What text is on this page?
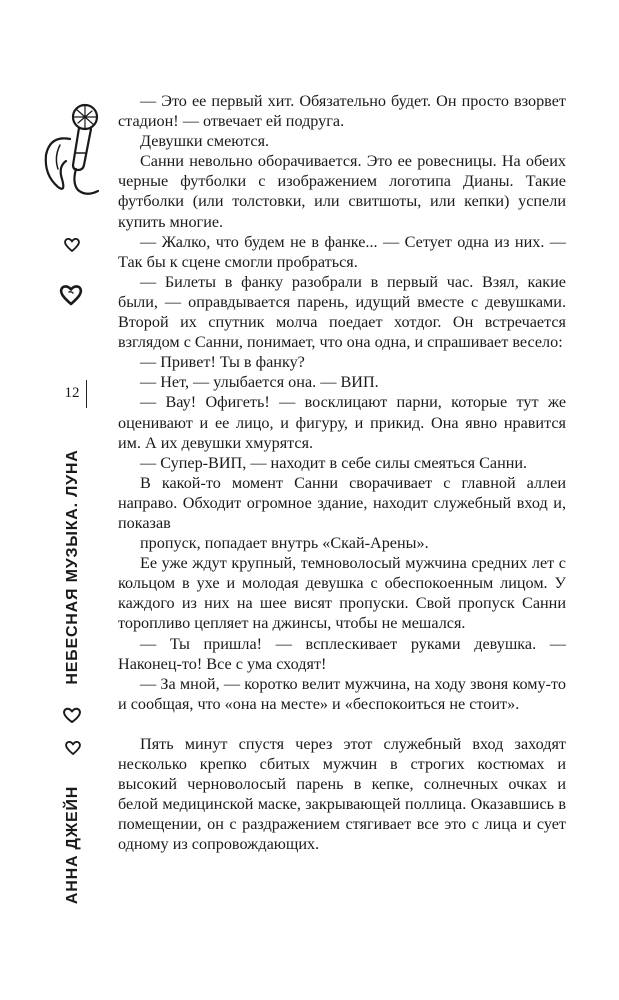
12
НЕБЕСНАЯ МУЗЫКА. ЛУНА
АННА ДЖЕЙН

— Это ее первый хит. Обязательно будет. Он просто взорвет стадион! — отвечает ей подруга.

Девушки смеются.

Санни невольно оборачивается. Это ее ровесницы. На обеих черные футболки с изображением логотипа Дианы. Такие футболки (или толстовки, или свитшоты, или кепки) успели купить многие.

— Жалко, что будем не в фанке... — Сетует одна из них. — Так бы к сцене смогли пробраться.

— Билеты в фанку разобрали в первый час. Взял, какие были, — оправдывается парень, идущий вместе с девушками. Второй их спутник молча поедает хотдог. Он встречается взглядом с Санни, понимает, что она одна, и спрашивает весело:

— Привет! Ты в фанку?

— Нет, — улыбается она. — ВИП.

— Вау! Офигеть! — восклицают парни, которые тут же оценивают и ее лицо, и фигуру, и прикид. Она явно нравится им. А их девушки хмурятся.

— Супер-ВИП, — находит в себе силы смеяться Санни.

В какой-то момент Санни сворачивает с главной аллеи направо. Обходит огромное здание, находит служебный вход и, показав

пропуск, попадает внутрь «Скай-Арены».

Ее уже ждут крупный, темноволосый мужчина средних лет с кольцом в ухе и молодая девушка с обеспокоенным лицом. У каждого из них на шее висят пропуски. Свой пропуск Санни торопливо цепляет на джинсы, чтобы не мешался.

— Ты пришла! — всплескивает руками девушка. — Наконец-то! Все с ума сходят!

— За мной, — коротко велит мужчина, на ходу звоня кому-то и сообщая, что «она на месте» и «беспокоиться не стоит».

Пять минут спустя через этот служебный вход заходят несколько крепко сбитых мужчин в строгих костюмах и высокий черноволосый парень в кепке, солнечных очках и белой медицинской маске, закрывающей поллица. Оказавшись в помещении, он с раздражением стягивает все это с лица и сует одному из сопровождающих.
